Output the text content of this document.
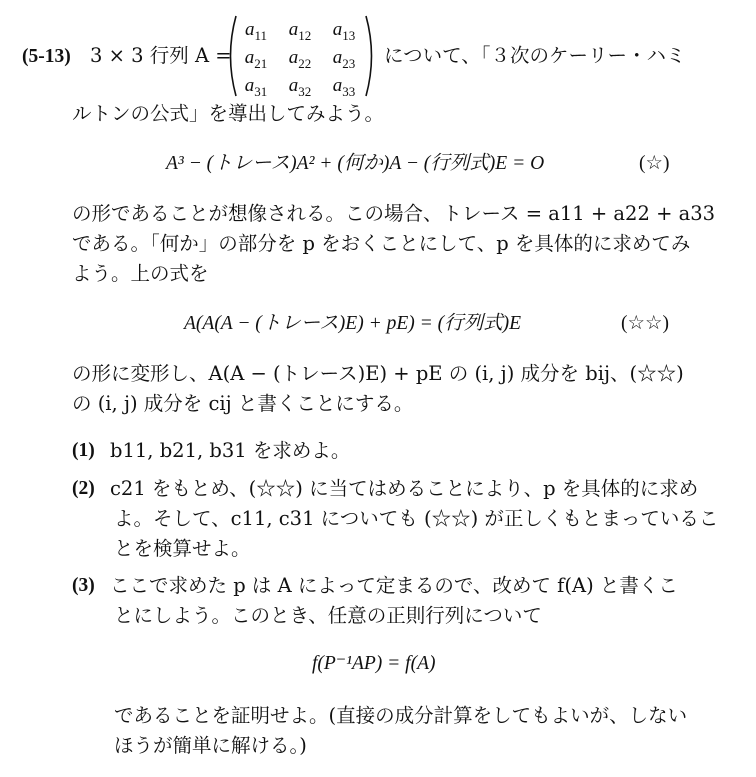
(5-13) 3 × 3 行列 A =
$a_{11}$	$a_{12}$	$a_{13}$
$a_{21}$	$a_{22}$	$a_{23}$
$a_{31}$	$a_{32}$	$a_{33}$
について、「３次のケーリー・ハミ
ルトンの公式」を導出してみよう。
A³ − (トレース)A² + (何か)A − (行列式)E = O	(☆)
の形であることが想像される。この場合、トレース = a11 + a22 + a33
である。「何か」の部分を p をおくことにして、p を具体的に求めてみ
よう。上の式を
A(A(A − (トレース)E) + pE) = (行列式)E	(☆☆)
の形に変形し、A(A − (トレース)E) + pE の (i, j) 成分を bij、(☆☆)
の (i, j) 成分を cij と書くことにする。
(1) b11, b21, b31 を求めよ。
(2) c21 をもとめ、(☆☆) に当てはめることにより、p を具体的に求め
よ。そして、c11, c31 についても (☆☆) が正しくもとまっているこ
とを検算せよ。
(3) ここで求めた p は A によって定まるので、改めて f(A) と書くこ
とにしよう。このとき、任意の正則行列について
f(P⁻¹AP) = f(A)
であることを証明せよ。(直接の成分計算をしてもよいが、しない
ほうが簡単に解ける。)
